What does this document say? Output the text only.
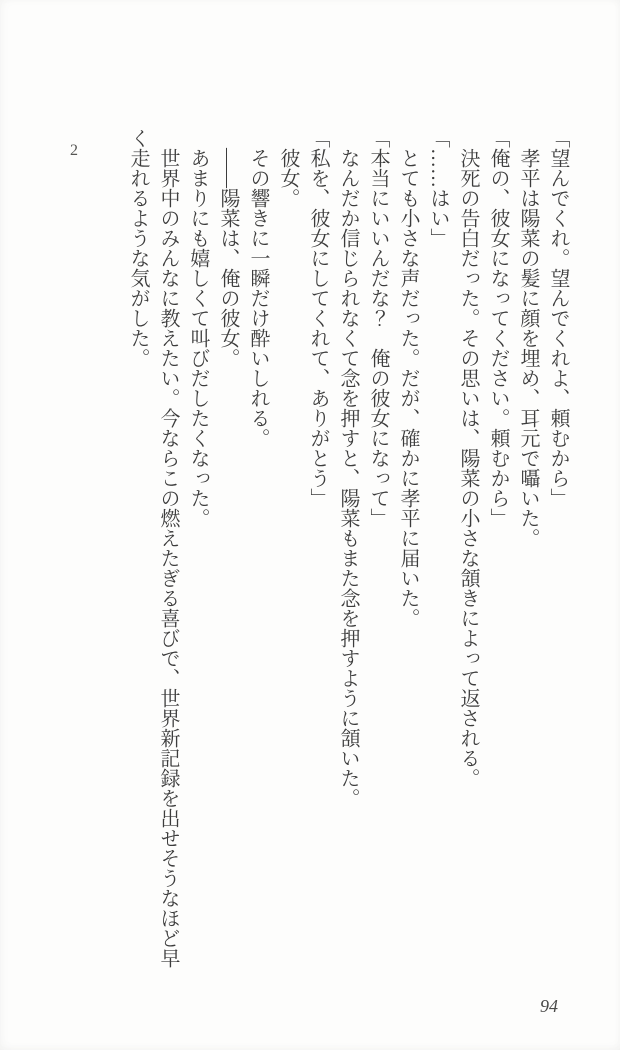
2	「望んでくれ。望んでくれよ、頼むから」

孝平は陽菜の髪に顔を埋め、耳元で囁いた。

「俺の、彼女になってください。頼むから」

決死の告白だった。その思いは、陽菜の小さな頷きによって返される。

「……はい」

とても小さな声だった。だが、確かに孝平に届いた。

「本当にいいんだな？　俺の彼女になって」

なんだか信じられなくて念を押すと、陽菜もまた念を押すように頷いた。

「私を、彼女にしてくれて、ありがとう」

彼女。

その響きに一瞬だけ酔いしれる。

――陽菜は、俺の彼女。

あまりにも嬉しくて叫びだしたくなった。

世界中のみんなに教えたい。今ならこの燃えたぎる喜びで、世界新記録を出せそうなほど早

く走れるような気がした。

94
